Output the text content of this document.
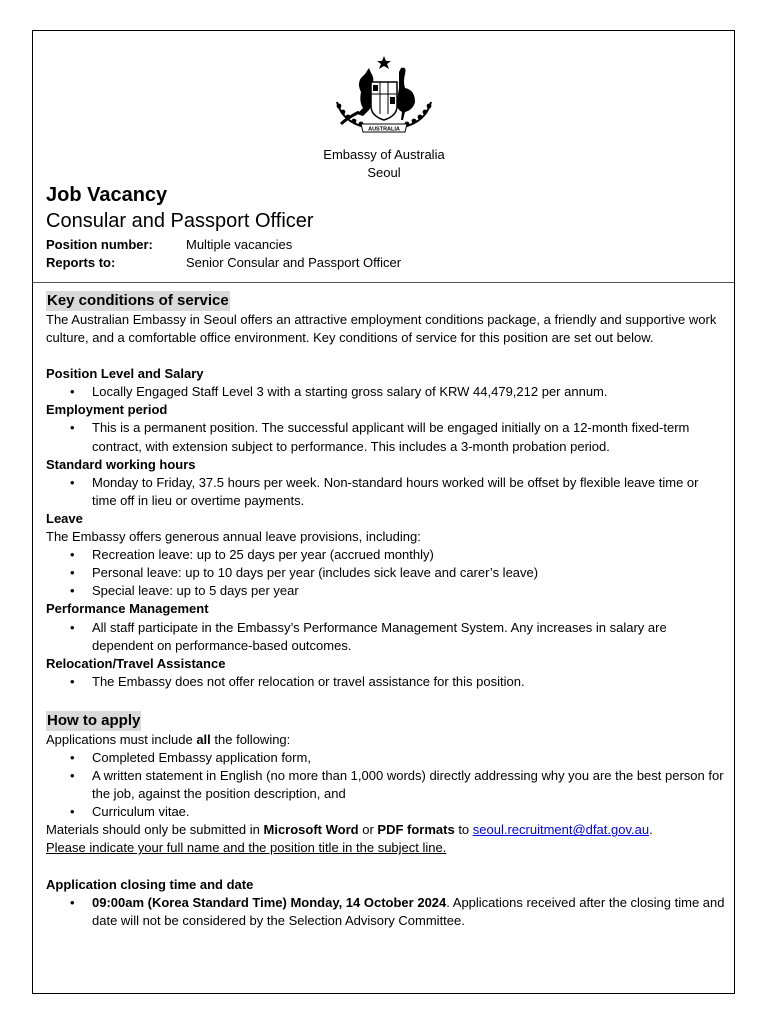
AUSTRALIA
Embassy of Australia
Seoul
Job Vacancy
Consular and Passport Officer
Position number:	Multiple vacancies
Reports to:	Senior Consular and Passport Officer
Key conditions of service

The Australian Embassy in Seoul offers an attractive employment conditions package, a friendly and supportive work culture, and a comfortable office environment. Key conditions of service for this position are set out below.

Position Level and Salary

• Locally Engaged Staff Level 3 with a starting gross salary of KRW 44,479,212 per annum.

Employment period

• This is a permanent position. The successful applicant will be engaged initially on a 12-month fixed-term contract, with extension subject to performance. This includes a 3-month probation period.

Standard working hours

• Monday to Friday, 37.5 hours per week. Non-standard hours worked will be offset by flexible leave time or time off in lieu or overtime payments.

Leave

The Embassy offers generous annual leave provisions, including:

• Recreation leave: up to 25 days per year (accrued monthly)
• Personal leave: up to 10 days per year (includes sick leave and carer’s leave)
• Special leave: up to 5 days per year

Performance Management

• All staff participate in the Embassy’s Performance Management System. Any increases in salary are dependent on performance-based outcomes.

Relocation/Travel Assistance

• The Embassy does not offer relocation or travel assistance for this position.
How to apply

Applications must include all the following:

• Completed Embassy application form,
• A written statement in English (no more than 1,000 words) directly addressing why you are the best person for the job, against the position description, and
• Curriculum vitae.

Materials should only be submitted in Microsoft Word or PDF formats to seoul.recruitment@dfat.gov.au.

Please indicate your full name and the position title in the subject line.

Application closing time and date

• 09:00am (Korea Standard Time) Monday, 14 October 2024. Applications received after the closing time and date will not be considered by the Selection Advisory Committee.
